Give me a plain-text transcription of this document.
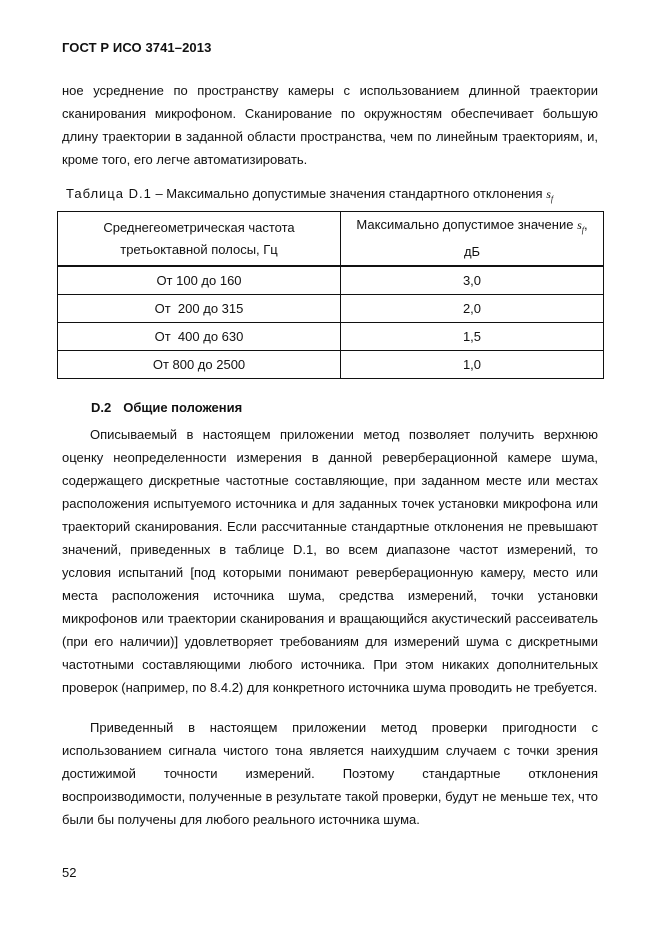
ГОСТ Р ИСО 3741–2013

ное усреднение по пространству камеры с использованием длинной траектории сканирования микрофоном. Сканирование по окружностям обеспечивает большую длину траектории в заданной области пространства, чем по линейным траекториям, и, кроме того, его легче автоматизировать.

Таблица D.1 – Максимально допустимые значения стандартного отклонения $s_f$
Среднегеометрическая частота
третьоктавной полосы, Гц	Максимально допустимое значение $s_f$,
дБ
От 100 до 160	3,0
От  200 до 315	2,0
От  400 до 630	1,5
От 800 до 2500	1,0
D.2 Общие положения

Описываемый в настоящем приложении метод позволяет получить верхнюю оценку неопределенности измерения в данной реверберационной камере шума, содержащего дискретные частотные составляющие, при заданном месте или местах расположения испытуемого источника и для заданных точек установки микрофона или траекторий сканирования. Если рассчитанные стандартные отклонения не превышают значений, приведенных в таблице D.1, во всем диапазоне частот измерений, то условия испытаний [под которыми понимают реверберационную камеру, место или места расположения источника шума, средства измерений, точки установки микрофонов или траектории сканирования и вращающийся акустический рассеиватель (при его наличии)] удовлетворяет требованиям для измерений шума с дискретными частотными составляющими любого источника. При этом никаких дополнительных проверок (например, по 8.4.2) для конкретного источника шума проводить не требуется.

Приведенный в настоящем приложении метод проверки пригодности с использованием сигнала чистого тона является наихудшим случаем с точки зрения достижимой точности измерений. Поэтому стандартные отклонения воспроизводимости, полученные в результате такой проверки, будут не меньше тех, что были бы получены для любого реального источника шума.

52
